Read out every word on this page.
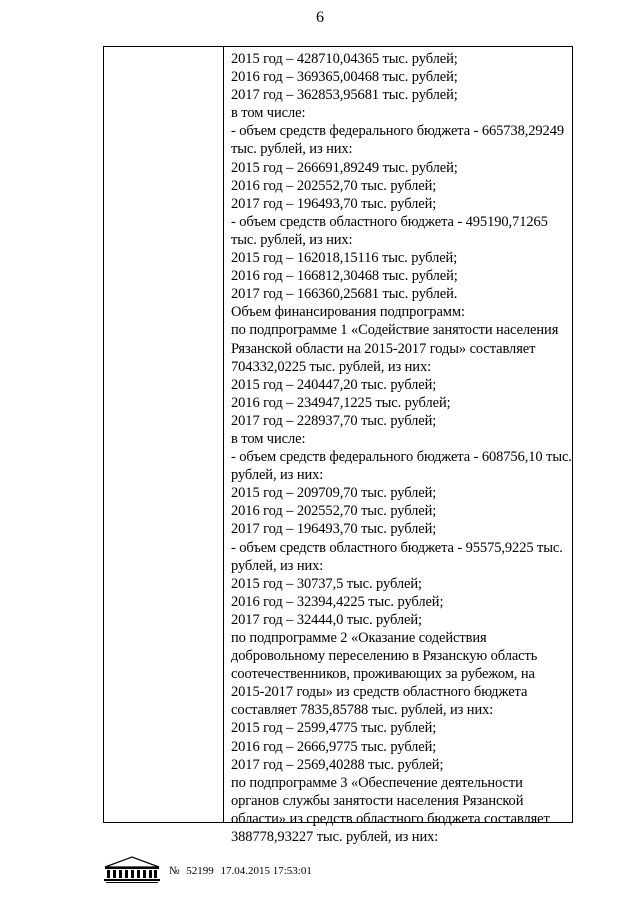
6
2015 год – 428710,04365 тыс. рублей;
2016 год – 369365,00468 тыс. рублей;
2017 год – 362853,95681 тыс. рублей;
в том числе:
- объем средств федерального бюджета - 665738,29249
тыс. рублей, из них:
2015 год – 266691,89249 тыс. рублей;
2016 год – 202552,70 тыс. рублей;
2017 год – 196493,70 тыс. рублей;
- объем средств областного бюджета - 495190,71265
тыс. рублей, из них:
2015 год – 162018,15116 тыс. рублей;
2016 год – 166812,30468 тыс. рублей;
2017 год – 166360,25681 тыс. рублей.
Объем финансирования подпрограмм:
по подпрограмме 1 «Содействие занятости населения
Рязанской области на 2015-2017 годы» составляет
704332,0225 тыс. рублей, из них:
2015 год – 240447,20 тыс. рублей;
2016 год – 234947,1225 тыс. рублей;
2017 год – 228937,70 тыс. рублей;
в том числе:
- объем средств федерального бюджета - 608756,10 тыс.
рублей, из них:
2015 год – 209709,70 тыс. рублей;
2016 год – 202552,70 тыс. рублей;
2017 год – 196493,70 тыс. рублей;
- объем средств областного бюджета - 95575,9225 тыс.
рублей, из них:
2015 год – 30737,5 тыс. рублей;
2016 год – 32394,4225 тыс. рублей;
2017 год – 32444,0 тыс. рублей;
по подпрограмме 2 «Оказание содействия
добровольному переселению в Рязанскую область
соотечественников, проживающих за рубежом, на
2015-2017 годы» из средств областного бюджета
составляет 7835,85788 тыс. рублей, из них:
2015 год – 2599,4775 тыс. рублей;
2016 год – 2666,9775 тыс. рублей;
2017 год – 2569,40288 тыс. рублей;
по подпрограмме 3 «Обеспечение деятельности
органов службы занятости населения Рязанской
области» из средств областного бюджета составляет
388778,93227 тыс. рублей, из них:
№ 52199 17.04.2015 17:53:01
